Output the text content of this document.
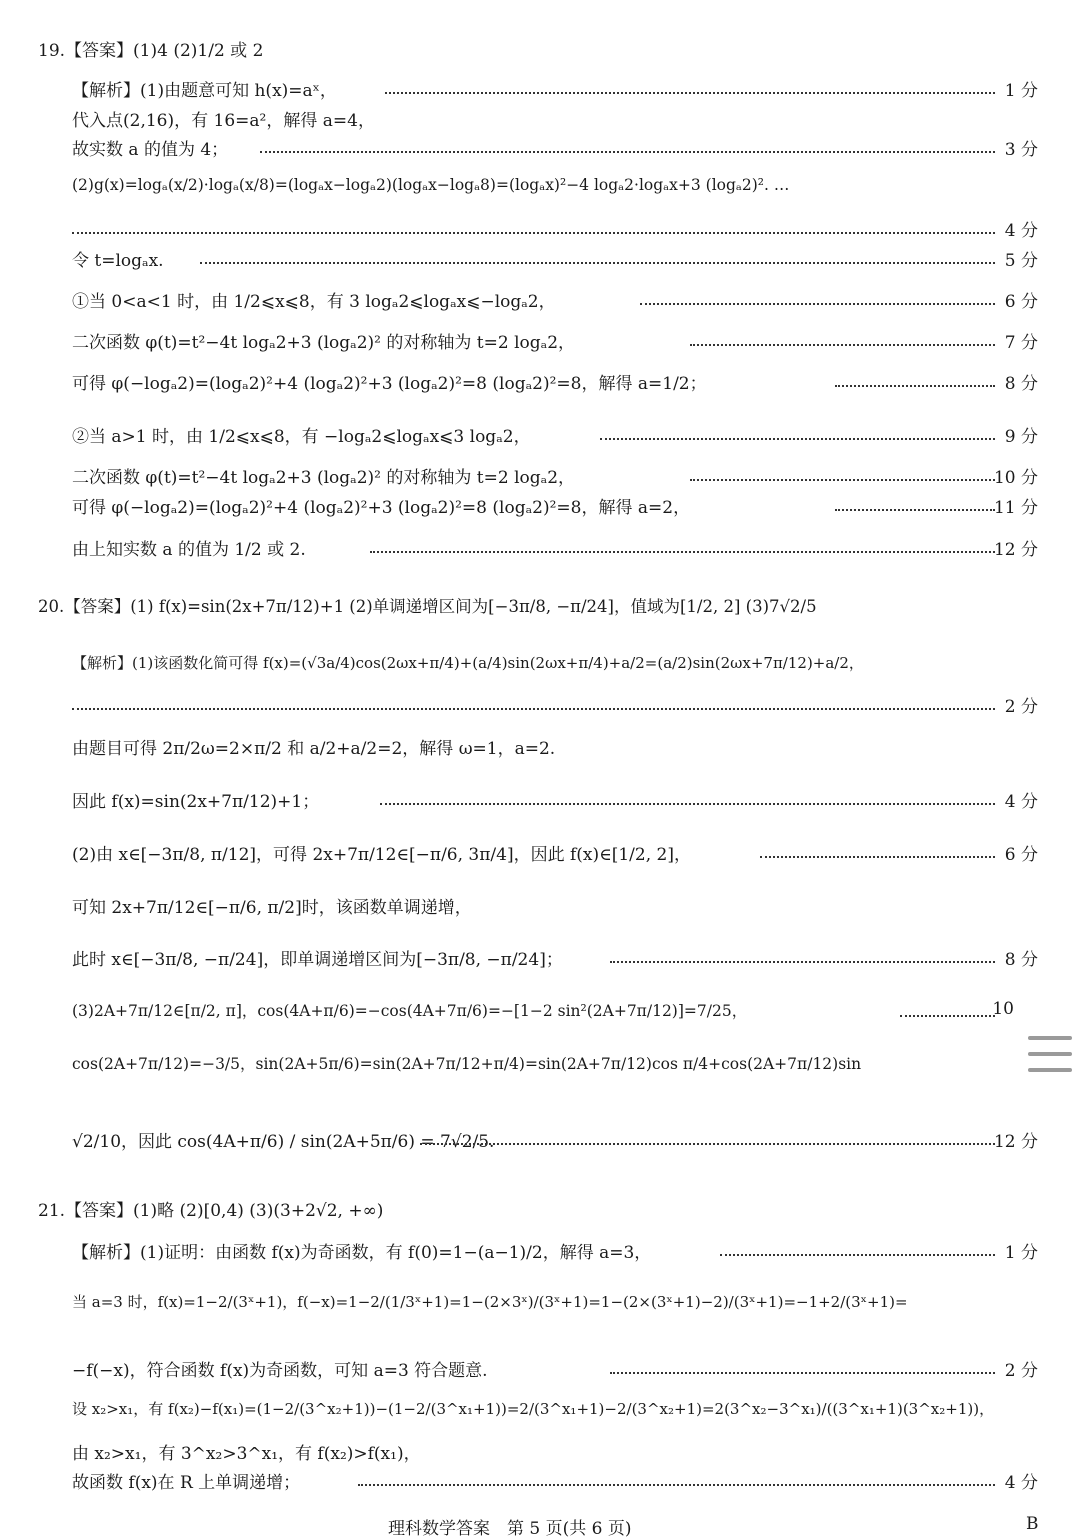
19.【答案】(1)4 (2)1/2 或 2
【解析】(1)由题意可知 h(x)=aˣ，	1 分
代入点(2,16)，有 16=a²，解得 a=4，
故实数 a 的值为 4；	3 分
(2)g(x)=logₐ(x/2)·logₐ(x/8)=(logₐx−logₐ2)(logₐx−logₐ8)=(logₐx)²−4 logₐ2·logₐx+3 (logₐ2)². …
4 分
令 t=logₐx.	5 分
①当 0<a<1 时，由 1/2⩽x⩽8，有 3 logₐ2⩽logₐx⩽−logₐ2，	6 分
二次函数 φ(t)=t²−4t logₐ2+3 (logₐ2)² 的对称轴为 t=2 logₐ2，	7 分
可得 φ(−logₐ2)=(logₐ2)²+4 (logₐ2)²+3 (logₐ2)²=8 (logₐ2)²=8，解得 a=1/2；	8 分
②当 a>1 时，由 1/2⩽x⩽8，有 −logₐ2⩽logₐx⩽3 logₐ2，	9 分
二次函数 φ(t)=t²−4t logₐ2+3 (logₐ2)² 的对称轴为 t=2 logₐ2，	10 分
可得 φ(−logₐ2)=(logₐ2)²+4 (logₐ2)²+3 (logₐ2)²=8 (logₐ2)²=8，解得 a=2，	11 分
由上知实数 a 的值为 1/2 或 2.	12 分
20.【答案】(1) f(x)=sin(2x+7π/12)+1 (2)单调递增区间为[−3π/8, −π/24]，值域为[1/2, 2] (3)7√2/5
【解析】(1)该函数化简可得 f(x)=(√3a/4)cos(2ωx+π/4)+(a/4)sin(2ωx+π/4)+a/2=(a/2)sin(2ωx+7π/12)+a/2，
2 分
由题目可得 2π/2ω=2×π/2 和 a/2+a/2=2，解得 ω=1，a=2.
因此 f(x)=sin(2x+7π/12)+1；	4 分
(2)由 x∈[−3π/8, π/12]，可得 2x+7π/12∈[−π/6, 3π/4]，因此 f(x)∈[1/2, 2]，	6 分
可知 2x+7π/12∈[−π/6, π/2]时，该函数单调递增，
此时 x∈[−3π/8, −π/24]，即单调递增区间为[−3π/8, −π/24]；	8 分
(3)2A+7π/12∈[π/2, π]，cos(4A+π/6)=−cos(4A+7π/6)=−[1−2 sin²(2A+7π/12)]=7/25，	10
cos(2A+7π/12)=−3/5，sin(2A+5π/6)=sin(2A+7π/12+π/4)=sin(2A+7π/12)cos π/4+cos(2A+7π/12)sin
√2/10，因此 cos(4A+π/6) / sin(2A+5π/6) = 7√2/5.	12 分
21.【答案】(1)略 (2)[0,4) (3)(3+2√2, +∞)
【解析】(1)证明：由函数 f(x)为奇函数，有 f(0)=1−(a−1)/2，解得 a=3，	1 分
当 a=3 时，f(x)=1−2/(3ˣ+1)，f(−x)=1−2/(1/3ˣ+1)=1−(2×3ˣ)/(3ˣ+1)=1−(2×(3ˣ+1)−2)/(3ˣ+1)=−1+2/(3ˣ+1)=
−f(−x)，符合函数 f(x)为奇函数，可知 a=3 符合题意.	2 分
设 x₂>x₁，有 f(x₂)−f(x₁)=(1−2/(3^x₂+1))−(1−2/(3^x₁+1))=2/(3^x₁+1)−2/(3^x₂+1)=2(3^x₂−3^x₁)/((3^x₁+1)(3^x₂+1))，
由 x₂>x₁，有 3^x₂>3^x₁，有 f(x₂)>f(x₁)，
故函数 f(x)在 R 上单调递增；	4 分
理科数学答案　第 5 页(共 6 页)	B
